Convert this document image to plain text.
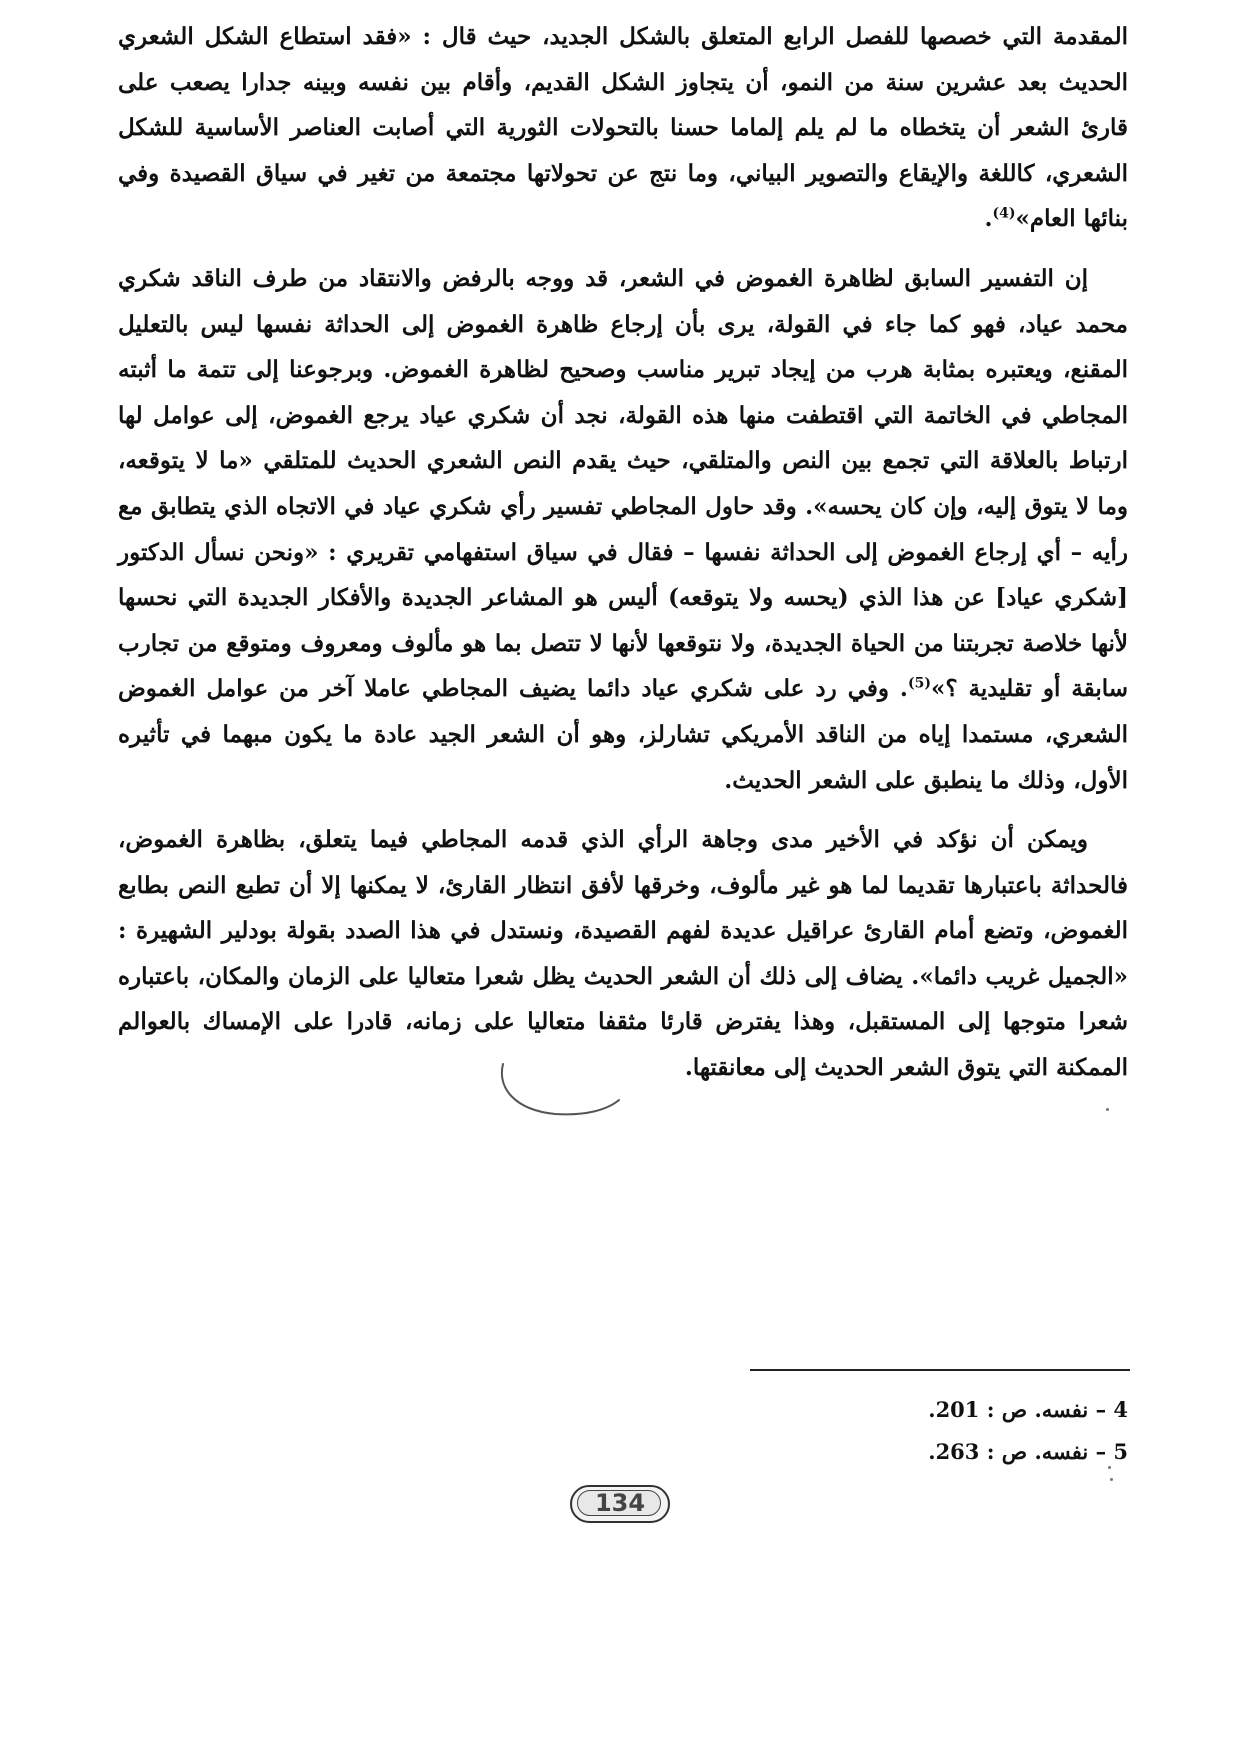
المقدمة التي خصصها للفصل الرابع المتعلق بالشكل الجديد، حيث قال : «فقد استطاع الشكل الشعري الحديث بعد عشرين سنة من النمو، أن يتجاوز الشكل القديم، وأقام بين نفسه وبينه جدارا يصعب على قارئ الشعر أن يتخطاه ما لم يلم إلماما حسنا بالتحولات الثورية التي أصابت العناصر الأساسية للشكل الشعري، كاللغة والإيقاع والتصوير البياني، وما نتج عن تحولاتها مجتمعة من تغير في سياق القصيدة وفي بنائها العام»$^{(4)}$.

إن التفسير السابق لظاهرة الغموض في الشعر، قد ووجه بالرفض والانتقاد من طرف الناقد شكري محمد عياد، فهو كما جاء في القولة، يرى بأن إرجاع ظاهرة الغموض إلى الحداثة نفسها ليس بالتعليل المقنع، ويعتبره بمثابة هرب من إيجاد تبرير مناسب وصحيح لظاهرة الغموض. وبرجوعنا إلى تتمة ما أثبته المجاطي في الخاتمة التي اقتطفت منها هذه القولة، نجد أن شكري عياد يرجع الغموض، إلى عوامل لها ارتباط بالعلاقة التي تجمع بين النص والمتلقي، حيث يقدم النص الشعري الحديث للمتلقي «ما لا يتوقعه، وما لا يتوق إليه، وإن كان يحسه». وقد حاول المجاطي تفسير رأي شكري عياد في الاتجاه الذي يتطابق مع رأيه – أي إرجاع الغموض إلى الحداثة نفسها – فقال في سياق استفهامي تقريري : «ونحن نسأل الدكتور [شكري عياد] عن هذا الذي (يحسه ولا يتوقعه) أليس هو المشاعر الجديدة والأفكار الجديدة التي نحسها لأنها خلاصة تجربتنا من الحياة الجديدة، ولا نتوقعها لأنها لا تتصل بما هو مألوف ومعروف ومتوقع من تجارب سابقة أو تقليدية ؟»$^{(5)}$. وفي رد على شكري عياد دائما يضيف المجاطي عاملا آخر من عوامل الغموض الشعري، مستمدا إياه من الناقد الأمريكي تشارلز، وهو أن الشعر الجيد عادة ما يكون مبهما في تأثيره الأول، وذلك ما ينطبق على الشعر الحديث.

ويمكن أن نؤكد في الأخير مدى وجاهة الرأي الذي قدمه المجاطي فيما يتعلق، بظاهرة الغموض، فالحداثة باعتبارها تقديما لما هو غير مألوف، وخرقها لأفق انتظار القارئ، لا يمكنها إلا أن تطبع النص بطابع الغموض، وتضع أمام القارئ عراقيل عديدة لفهم القصيدة، ونستدل في هذا الصدد بقولة بودلير الشهيرة : «الجميل غريب دائما». يضاف إلى ذلك أن الشعر الحديث يظل شعرا متعاليا على الزمان والمكان، باعتباره شعرا متوجها إلى المستقبل، وهذا يفترض قارئا مثقفا متعاليا على زمانه، قادرا على الإمساك بالعوالم الممكنة التي يتوق الشعر الحديث إلى معانقتها.

4 – نفسه. ص : 201.

5 – نفسه. ص : 263.

134
